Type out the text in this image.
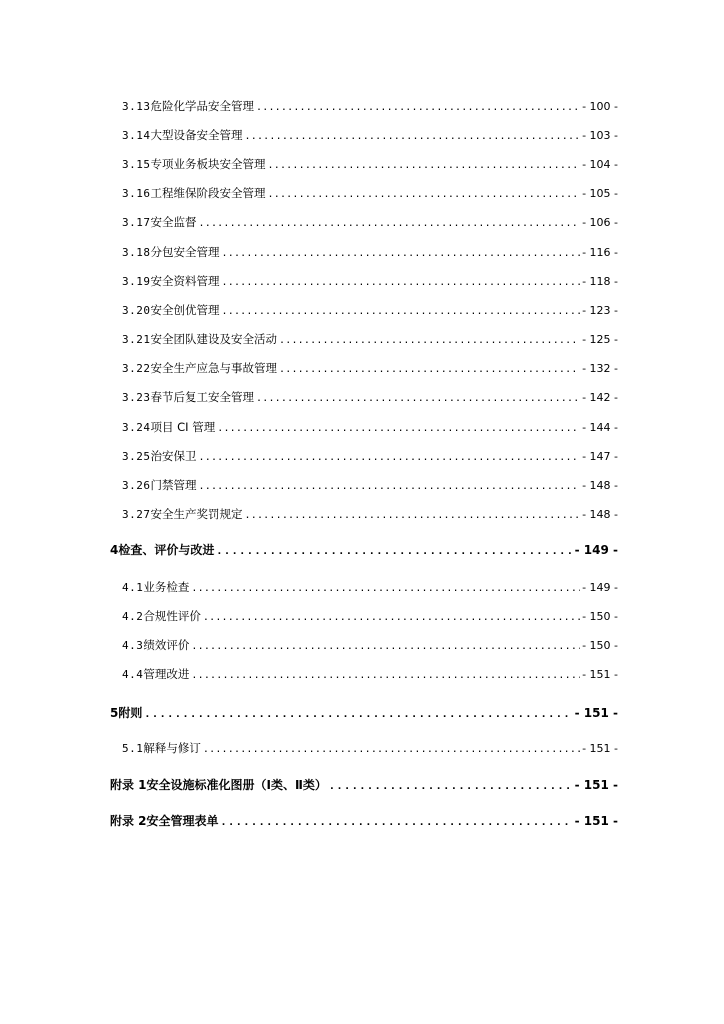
3.13 危险化学品安全管理 .....	- 100 -
3.14 大型设备安全管理 .....	- 103 -
3.15 专项业务板块安全管理 .....	- 104 -
3.16 工程维保阶段安全管理 .....	- 105 -
3.17 安全监督 .....	- 106 -
3.18 分包安全管理 .....	- 116 -
3.19 安全资料管理 .....	- 118 -
3.20 安全创优管理 .....	- 123 -
3.21 安全团队建设及安全活动 .....	- 125 -
3.22 安全生产应急与事故管理 .....	- 132 -
3.23 春节后复工安全管理 .....	- 142 -
3.24 项目 CI 管理 .....	- 144 -
3.25 治安保卫 .....	- 147 -
3.26 门禁管理 .....	- 148 -
3.27 安全生产奖罚规定 .....	- 148 -
4 检查、评价与改进 .....	- 149 -
4.1 业务检查 .....	- 149 -
4.2 合规性评价 .....	- 150 -
4.3 绩效评价 .....	- 150 -
4.4 管理改进 .....	- 151 -
5 附则 .....	- 151 -
5.1 解释与修订 .....	- 151 -
附录 1 安全设施标准化图册（Ⅰ类、Ⅱ类） .....	- 151 -
附录 2 安全管理表单 .....	- 151 -
